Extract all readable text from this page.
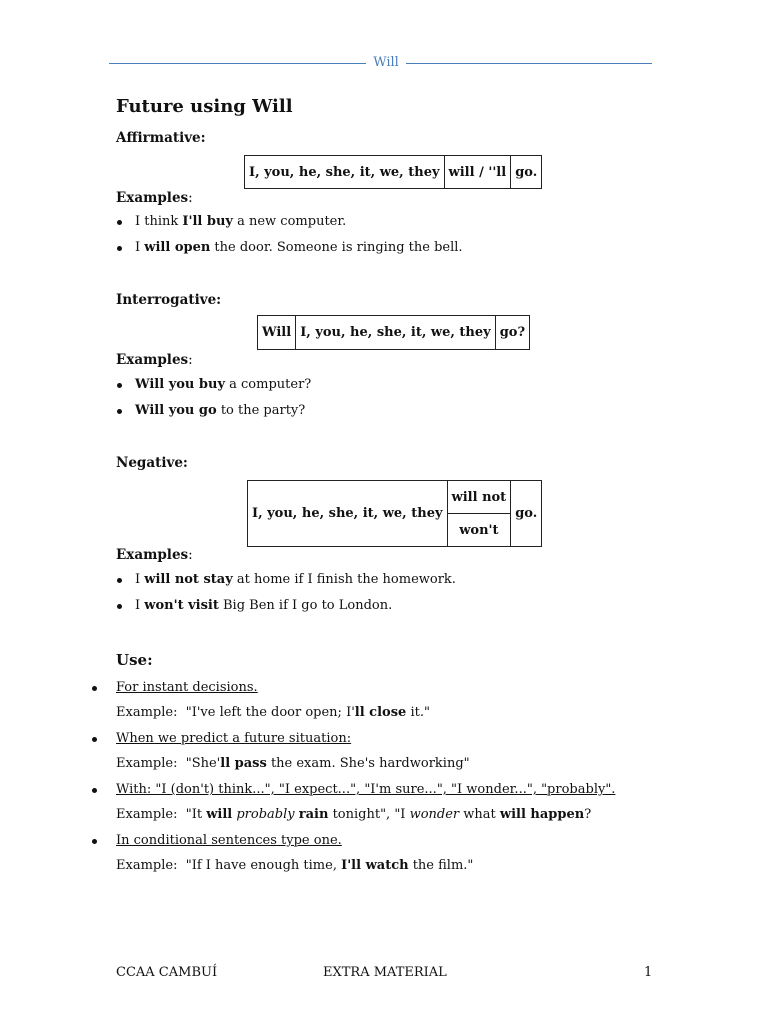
Will
Future using Will
Affirmative:
I, you, he, she, it, we, they	will / ''ll	go.
Examples:
I think I'll buy a new computer.
I will open the door. Someone is ringing the bell.
Interrogative:
Will	I, you, he, she, it, we, they	go?
Examples:
Will you buy a computer?
Will you go to the party?
Negative:
I, you, he, she, it, we, they	will not	go.
won't
Examples:
I will not stay at home if I finish the homework.
I won't visit Big Ben if I go to London.
Use:
For instant decisions.
Example: "I've left the door open; I'll close it."
When we predict a future situation:
Example: "She'll pass the exam. She's hardworking"
With: "I (don't) think...", "I expect...", "I'm sure...", "I wonder...", "probably".
Example: "It will probably rain tonight", "I wonder what will happen?
In conditional sentences type one.
Example: "If I have enough time, I'll watch the film."
CCAA CAMBUÍ	EXTRA MATERIAL	1
